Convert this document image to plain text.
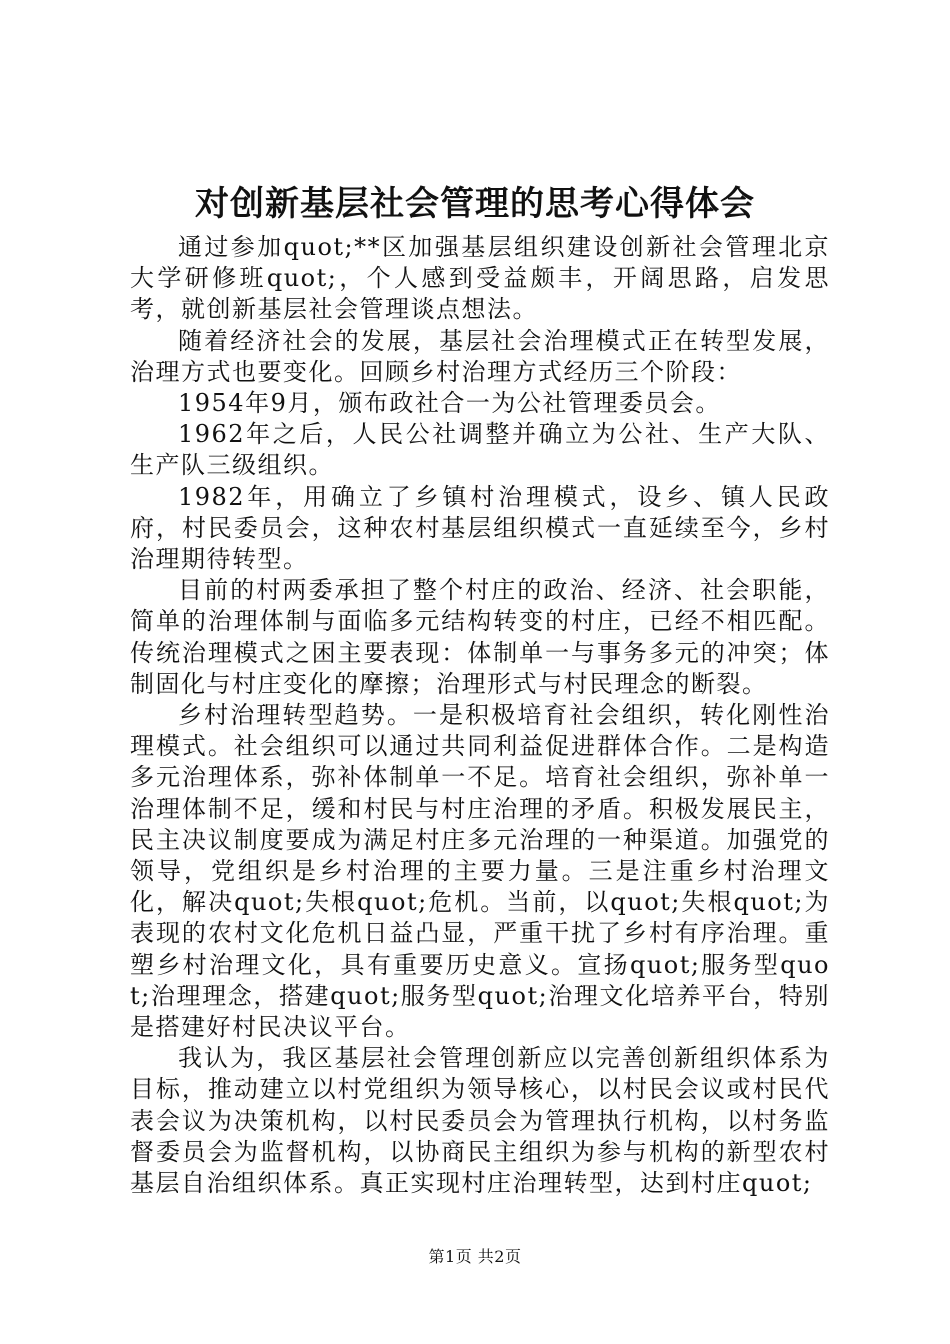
对创新基层社会管理的思考心得体会

通过参加quot;**区加强基层组织建设创新社会管理北京大学研修班quot;，个人感到受益颇丰，开阔思路，启发思考，就创新基层社会管理谈点想法。

随着经济社会的发展，基层社会治理模式正在转型发展，治理方式也要变化。回顾乡村治理方式经历三个阶段：

1954年9月，颁布政社合一为公社管理委员会。

1962年之后，人民公社调整并确立为公社、生产大队、生产队三级组织。

1982年，用确立了乡镇村治理模式，设乡、镇人民政府，村民委员会，这种农村基层组织模式一直延续至今，乡村治理期待转型。

目前的村两委承担了整个村庄的政治、经济、社会职能，简单的治理体制与面临多元结构转变的村庄，已经不相匹配。传统治理模式之困主要表现：体制单一与事务多元的冲突；体制固化与村庄变化的摩擦；治理形式与村民理念的断裂。

乡村治理转型趋势。一是积极培育社会组织，转化刚性治理模式。社会组织可以通过共同利益促进群体合作。二是构造多元治理体系，弥补体制单一不足。培育社会组织，弥补单一治理体制不足，缓和村民与村庄治理的矛盾。积极发展民主，民主决议制度要成为满足村庄多元治理的一种渠道。加强党的领导，党组织是乡村治理的主要力量。三是注重乡村治理文化，解决quot;失根quot;危机。当前，以quot;失根quot;为表现的农村文化危机日益凸显，严重干扰了乡村有序治理。重塑乡村治理文化，具有重要历史意义。宣扬quot;服务型quot;治理理念，搭建quot;服务型quot;治理文化培养平台，特别是搭建好村民决议平台。

我认为，我区基层社会管理创新应以完善创新组织体系为目标，推动建立以村党组织为领导核心，以村民会议或村民代表会议为决策机构，以村民委员会为管理执行机构，以村务监督委员会为监督机构，以协商民主组织为参与机构的新型农村基层自治组织体系。真正实现村庄治理转型，达到村庄quot;

第1页 共2页
